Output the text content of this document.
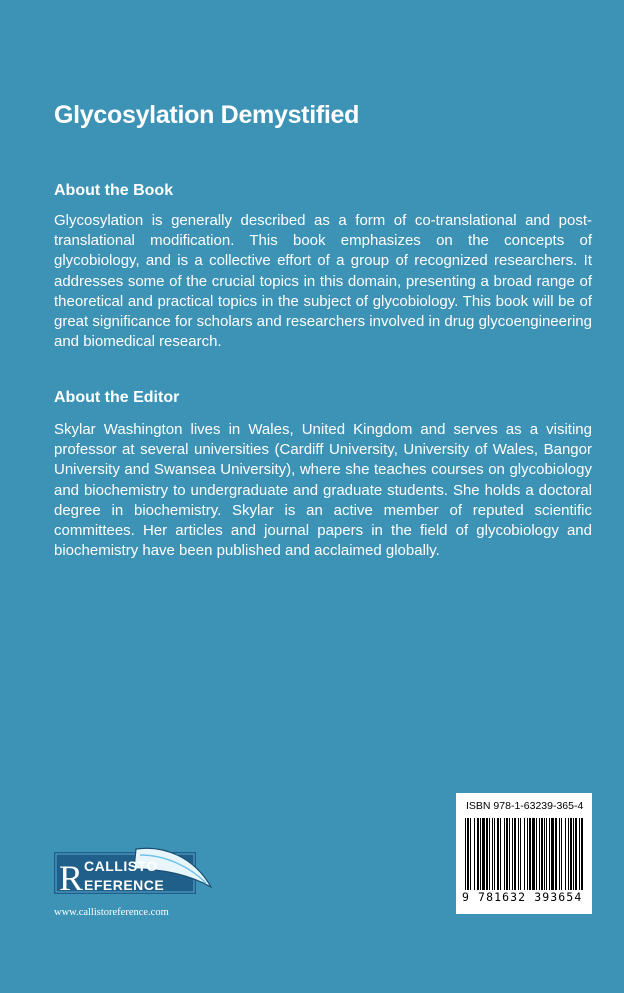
Glycosylation Demystified
About the Book

Glycosylation is generally described as a form of co-translational and post-translational modification. This book emphasizes on the concepts of glycobiology, and is a collective effort of a group of recognized researchers. It addresses some of the crucial topics in this domain, presenting a broad range of theoretical and practical topics in the subject of glycobiology. This book will be of great significance for scholars and researchers involved in drug glycoengineering and biomedical research.

About the Editor

Skylar Washington lives in Wales, United Kingdom and serves as a visiting professor at several universities (Cardiff University, University of Wales, Bangor University and Swansea University), where she teaches courses on glycobiology and biochemistry to undergraduate and graduate students. She holds a doctoral degree in biochemistry. Skylar is an active member of reputed scientific committees. Her articles and journal papers in the field of glycobiology and biochemistry have been published and acclaimed globally.

R CALLISTO
EFERENCE
www.callistoreference.com
ISBN 978-1-63239-365-4
9 781632 393654
